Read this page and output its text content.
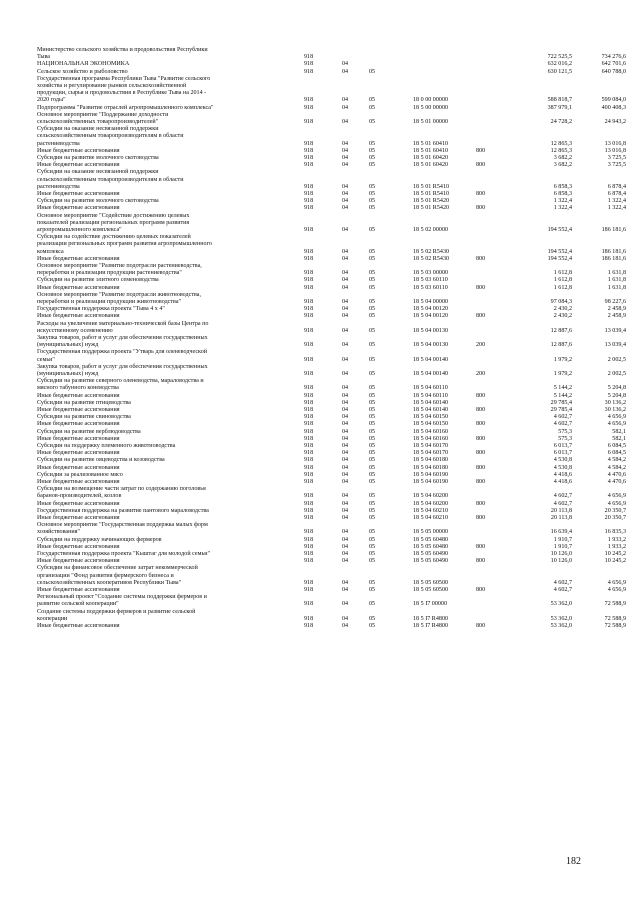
Министерство сельского хозяйства и продовольствия Республики
Тыва	918	722 525,5	734 276,6
НАЦИОНАЛЬНАЯ ЭКОНОМИКА	918	04	632 016,2	642 701,6
Сельское хозяйство и рыболовство	918	04	05	630 121,5	640 788,0
Государственная программа Республики Тыва "Развитие сельского
хозяйства и регулирование рынков сельскохозяйственной
продукции, сырья и продовольствия в Республике Тыва на 2014 -
2020 годы"	918	04	05	18 0 00 00000	588 818,7	599 084,0
Подпрограмма "Развитие отраслей агропромышленного комплекса"	918	04	05	18 5 00 00000	387 979,1	400 408,3
Основное мероприятие "Поддержание доходности
сельскохозяйственных товаропроизводителей"	918	04	05	18 5 01 00000	24 728,2	24 943,2
Субсидии на оказание несвязанной поддержки
сельскохозяйственным товаропроизводителям в области
растениеводства	918	04	05	18 5 01 60410	12 865,3	13 016,8
Иные бюджетные ассигнования	918	04	05	18 5 01 60410	800	12 865,3	13 016,8
Субсидии на развитие молочного скотоводства	918	04	05	18 5 01 60420	3 682,2	3 725,5
Иные бюджетные ассигнования	918	04	05	18 5 01 60420	800	3 682,2	3 725,5
Субсидии на оказание несвязанной поддержки
сельскохозяйственным товаропроизводителям в области
растениеводства	918	04	05	18 5 01 R5410	6 858,3	6 878,4
Иные бюджетные ассигнования	918	04	05	18 5 01 R5410	800	6 858,3	6 878,4
Субсидии на развитие молочного скотоводства	918	04	05	18 5 01 R5420	1 322,4	1 322,4
Иные бюджетные ассигнования	918	04	05	18 5 01 R5420	800	1 322,4	1 322,4
Основное мероприятие "Содействие достижению целевых
показателей реализации региональных программ развития
агропромышленного комплекса"	918	04	05	18 5 02 00000	194 552,4	186 181,6
Субсидии на содействие достижению целевых показателей
реализации региональных программ развития агропромышленного
комплекса	918	04	05	18 5 02 R5430	194 552,4	186 181,6
Иные бюджетные ассигнования	918	04	05	18 5 02 R5430	800	194 552,4	186 181,6
Основное мероприятие "Развитие подотрасли растениеводства,
переработки и реализации продукции растениеводства"	918	04	05	18 5 03 00000	1 612,8	1 631,8
Субсидии на развитие элитного семеноводства	918	04	05	18 5 03 60110	1 612,8	1 631,8
Иные бюджетные ассигнования	918	04	05	18 5 03 60110	800	1 612,8	1 631,8
Основное мероприятие "Развитие подотрасли животноводства,
переработки и реализации продукции животноводства"	918	04	05	18 5 04 00000	97 084,3	98 227,6
Государственная поддержка проекта "Тыва 4 х 4"	918	04	05	18 5 04 00120	2 430,2	2 458,9
Иные бюджетные ассигнования	918	04	05	18 5 04 00120	800	2 430,2	2 458,9
Расходы на увеличение материально-технической базы Центра по
искусственному осеменению	918	04	05	18 5 04 00130	12 887,6	13 039,4
Закупка товаров, работ и услуг для обеспечения государственных
(муниципальных) нужд	918	04	05	18 5 04 00130	200	12 887,6	13 039,4
Государственная поддержка проекта "Утварь для оленеводческой
семьи"	918	04	05	18 5 04 00140	1 979,2	2 002,5
Закупка товаров, работ и услуг для обеспечения государственных
(муниципальных) нужд	918	04	05	18 5 04 00140	200	1 979,2	2 002,5
Субсидии на развитие северного оленеводства, мараловодства и
мясного табунного коневодства	918	04	05	18 5 04 60110	5 144,2	5 204,8
Иные бюджетные ассигнования	918	04	05	18 5 04 60110	800	5 144,2	5 204,8
Субсидии на развитие птицеводства	918	04	05	18 5 04 60140	29 785,4	30 136,2
Иные бюджетные ассигнования	918	04	05	18 5 04 60140	800	29 785,4	30 136,2
Субсидии на развитие свиноводства	918	04	05	18 5 04 60150	4 602,7	4 656,9
Иные бюджетные ассигнования	918	04	05	18 5 04 60150	800	4 602,7	4 656,9
Субсидии на развитие верблюдоводства	918	04	05	18 5 04 60160	575,3	582,1
Иные бюджетные ассигнования	918	04	05	18 5 04 60160	800	575,3	582,1
Субсидии на поддержку племенного животноводства	918	04	05	18 5 04 60170	6 013,7	6 084,5
Иные бюджетные ассигнования	918	04	05	18 5 04 60170	800	6 013,7	6 084,5
Субсидии на развитие овцеводства и козоводства	918	04	05	18 5 04 60180	4 530,8	4 584,2
Иные бюджетные ассигнования	918	04	05	18 5 04 60180	800	4 530,8	4 584,2
Субсидии за реализованное мясо	918	04	05	18 5 04 60190	4 418,6	4 470,6
Иные бюджетные ассигнования	918	04	05	18 5 04 60190	800	4 418,6	4 470,6
Субсидии на возмещение части затрат по содержанию поголовья
баранов-производителей, козлов	918	04	05	18 5 04 60200	4 602,7	4 656,9
Иные бюджетные ассигнования	918	04	05	18 5 04 60200	800	4 602,7	4 656,9
Государственная поддержка на развитие пантового мараловодства	918	04	05	18 5 04 60210	20 113,8	20 350,7
Иные бюджетные ассигнования	918	04	05	18 5 04 60210	800	20 113,8	20 350,7
Основное мероприятие "Государственная поддержка малых форм
хозяйствования"	918	04	05	18 5 05 00000	16 639,4	16 835,3
Субсидии на поддержку начинающих фермеров	918	04	05	18 5 05 60480	1 910,7	1 933,2
Иные бюджетные ассигнования	918	04	05	18 5 05 60480	800	1 910,7	1 933,2
Государственная поддержка проекта "Кыштаг для молодой семьи"	918	04	05	18 5 05 60490	10 126,0	10 245,2
Иные бюджетные ассигнования	918	04	05	18 5 05 60490	800	10 126,0	10 245,2
Субсидии на финансовое обеспечение затрат некоммерческой
организации "Фонд развития фермерского бизнеса и
сельскохозяйственных кооперативов Республики Тыва"	918	04	05	18 5 05 60500	4 602,7	4 656,9
Иные бюджетные ассигнования	918	04	05	18 5 05 60500	800	4 602,7	4 656,9
Региональный проект "Создание системы поддержки фермеров и
развитие сельской кооперации"	918	04	05	18 5 I7 00000	53 362,0	72 588,9
Создание системы поддержки фермеров и развитие сельской
кооперации	918	04	05	18 5 I7 R4800	53 362,0	72 588,9
Иные бюджетные ассигнования	918	04	05	18 5 I7 R4800	800	53 362,0	72 588,9
182
